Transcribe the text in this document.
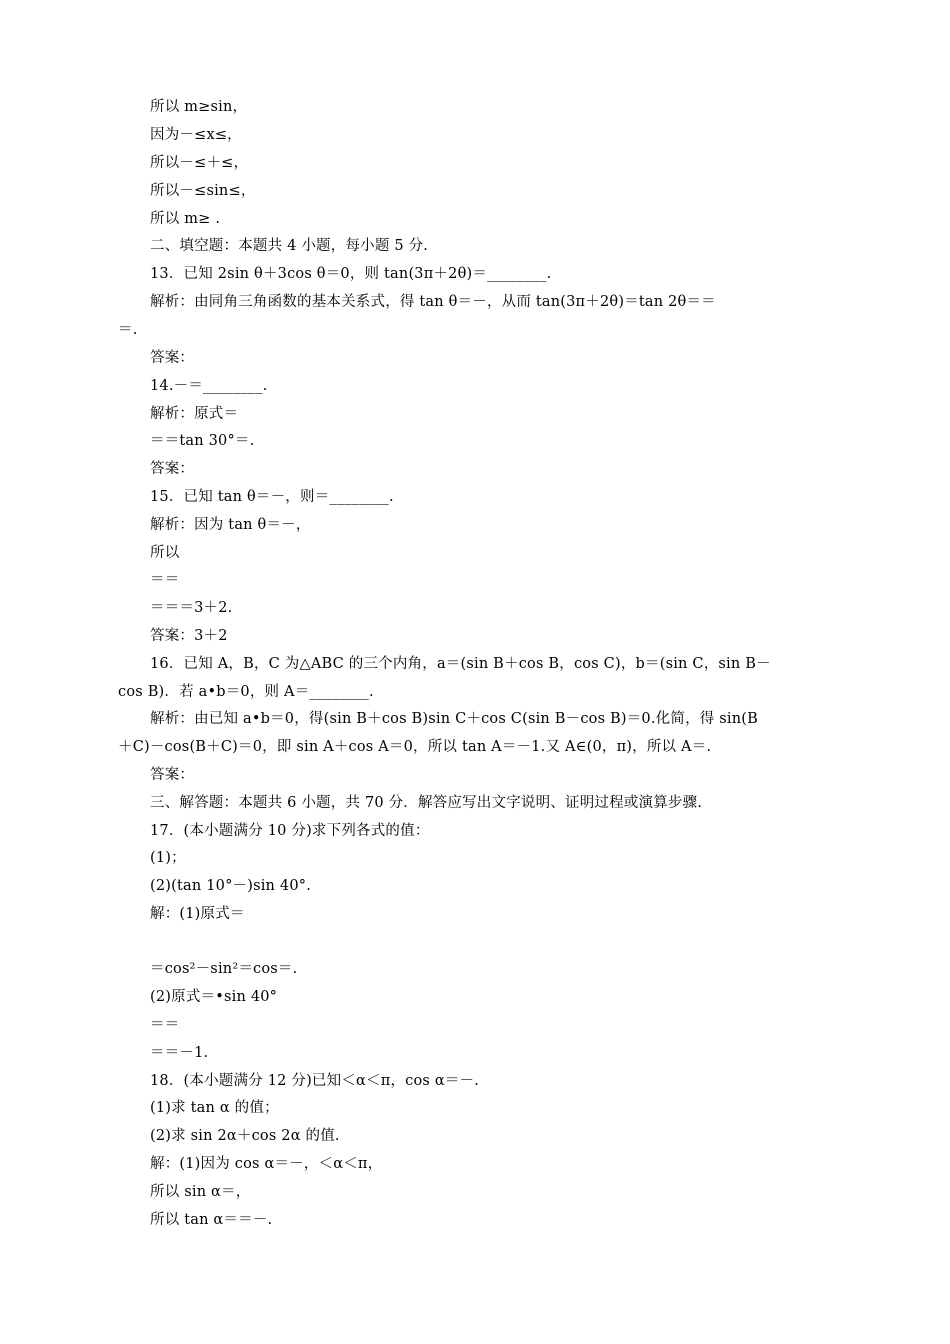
所以 m≥sin，
因为－≤x≤，
所以－≤＋≤，
所以－≤sin≤，
所以 m≥ .
二、填空题：本题共 4 小题，每小题 5 分.
13．已知 2sin θ＋3cos θ＝0，则 tan(3π＋2θ)＝________.
解析：由同角三角函数的基本关系式，得 tan θ＝－，从而 tan(3π＋2θ)＝tan 2θ＝＝
＝.
答案：
14.－＝________.
解析：原式＝
＝＝tan 30°＝.
答案：
15．已知 tan θ＝－，则＝________.
解析：因为 tan θ＝－，
所以
＝＝
＝＝＝3＋2.
答案：3＋2
16．已知 A，B，C 为△ABC 的三个内角，a＝(sin B＋cos B，cos C)，b＝(sin C，sin B－
cos B)．若 a•b＝0，则 A＝________.
解析：由已知 a•b＝0，得(sin B＋cos B)sin C＋cos C(sin B－cos B)＝0.化简，得 sin(B
＋C)－cos(B＋C)＝0，即 sin A＋cos A＝0，所以 tan A＝－1.又 A∈(0，π)，所以 A＝.
答案：
三、解答题：本题共 6 小题，共 70 分．解答应写出文字说明、证明过程或演算步骤.
17．(本小题满分 10 分)求下列各式的值：
(1)；
(2)(tan 10°－)sin 40°.
解：(1)原式＝
＝cos²－sin²＝cos＝.
(2)原式＝•sin 40°
＝＝
＝＝－1.
18．(本小题满分 12 分)已知＜α＜π，cos α＝－.
(1)求 tan α 的值；
(2)求 sin 2α＋cos 2α 的值.
解：(1)因为 cos α＝－，＜α＜π，
所以 sin α＝，
所以 tan α＝＝－.
